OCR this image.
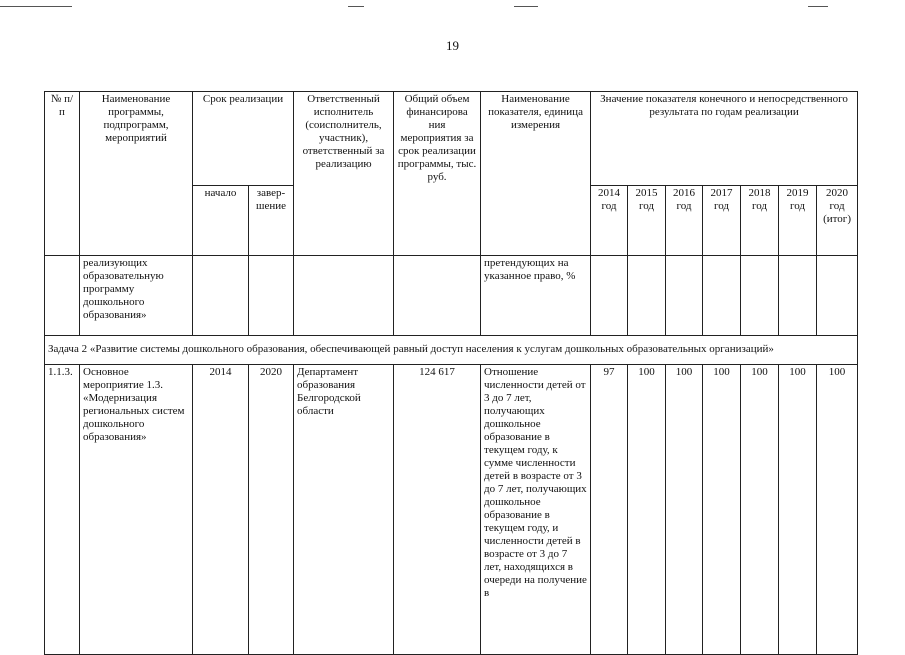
19
№ п/п	Наименование программы, подпрограмм, мероприятий	Срок реализации		Ответственный исполнитель (соисполнитель, участник), ответственный за реализацию	Общий объем финансирова ния мероприятия за срок реализации программы, тыс. руб.	Наименование показателя, единица измерения	Значение показателя конечного и непосредственного результата по годам реализации						
		начало	завер-шение				2014 год	2015 год	2016 год	2017 год	2018 год	2019 год	2020 год (итог)
	реализующих образовательную программу дошкольного образования»					претендующих на указанное право, %							
Задача 2 «Развитие системы дошкольного образования, обеспечивающей равный доступ населения к услугам дошкольных образовательных организаций»													
1.1.3.	Основное мероприятие 1.3. «Модернизация региональных систем дошкольного образования»	2014	2020	Департамент образования Белгородской области	124 617	Отношение численности детей от 3 до 7 лет, получающих дошкольное образование в текущем году, к сумме численности детей в возрасте от 3 до 7 лет, получающих дошкольное образование в текущем году, и численности детей в возрасте от 3 до 7 лет, находящихся в очереди на получение в	97	100	100	100	100	100	100
